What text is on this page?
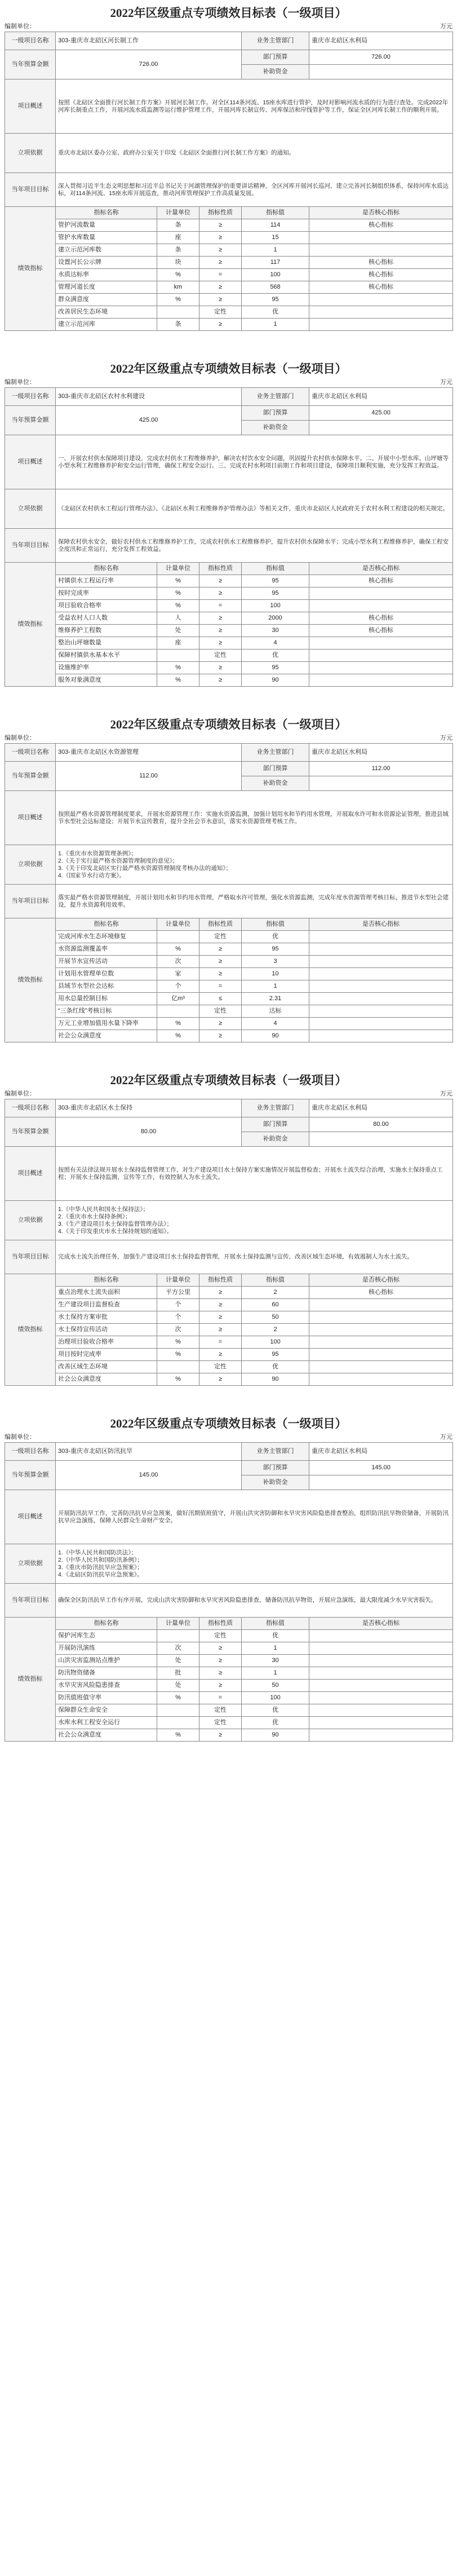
2022年区级重点专项绩效目标表（一级项目）
编制单位：	万元
一级项目名称	303-重庆市北碚区河长制工作			业务主管部门	重庆市北碚区水利局
当年预算金额	726.00			部门预算	726.00
				补助资金	
项目概述	按照《北碚区全面推行河长制工作方案》开展河长制工作。对全区114条河流、15座水库进行管护，及时对影响河流水质的行为进行查处。完成2022年河库长制重点工作，开展河流水质监测等运行维护管理工作，开展河库长制宣传、河库保洁和岸线管护等工作，保证全区河库长制工作的顺利开展。				
立项依据	重庆市北碚区委办公室、政府办公室关于印发《北碚区全面推行河长制工作方案》的通知。				
当年项目目标	深入贯彻习近平生态文明思想和习近平总书记关于河湖管理保护的重要讲话精神，全区河库开展河长巡河，建立完善河长制组织体系，保持河库水质达标，对114条河流、15座水库开展巡查，推动河库管理保护工作高质量发展。				
绩效指标	指标名称	计量单位	指标性质	指标值	是否核心指标
	管护河流数量	条	≥	114	核心指标
	管护水库数量	座	≥	15	
	建立示范河库数	条	≥	1	
	设置河长公示牌	块	≥	117	核心指标
	水质达标率	%	=	100	核心指标
	管理河道长度	km	≥	568	核心指标
	群众满意度	%	≥	95	
	改善居民生态环境		定性	优	
	建立示范河库	条	≥	1	
2022年区级重点专项绩效目标表（一级项目）
编制单位：	万元
一级项目名称	303-重庆市北碚区农村水利建设			业务主管部门	重庆市北碚区水利局
当年预算金额	425.00			部门预算	425.00
				补助资金	
项目概述	一、开展农村供水保障项目建设，完成农村供水工程维修养护，解决农村饮水安全问题，巩固提升农村供水保障水平。二、开展中小型水库、山坪塘等小型水利工程维修养护和安全运行管理，确保工程安全运行。三、完成农村水利项目前期工作和项目建设，保障项目顺利实施，充分发挥工程效益。				
立项依据	《北碚区农村供水工程运行管理办法》、《北碚区水利工程维修养护管理办法》等相关文件，重庆市北碚区人民政府关于农村水利工程建设的相关规定。				
当年项目目标	保障农村供水安全，做好农村供水工程维修养护工作，完成农村供水工程维修养护，提升农村供水保障水平；完成小型水利工程维修养护，确保工程安全度汛和正常运行，充分发挥工程效益。				
绩效指标	指标名称	计量单位	指标性质	指标值	是否核心指标
	村镇供水工程运行率	%	≥	95	核心指标
	按时完成率	%	≥	95	
	项目验收合格率	%	=	100	
	受益农村人口人数	人	≥	2000	核心指标
	维修养护工程数	处	≥	30	核心指标
	整治山坪塘数量	座	≥	4	
	保障村镇供水基本水平		定性	优	
	设施维护率	%	≥	95	
	服务对象满意度	%	≥	90	
2022年区级重点专项绩效目标表（一级项目）
编制单位：	万元
一级项目名称	303-重庆市北碚区水资源管理			业务主管部门	重庆市北碚区水利局
当年预算金额	112.00			部门预算	112.00
				补助资金	
项目概述	按照最严格水资源管理制度要求，开展水资源管理工作：实施水资源监测，加强计划用水和节约用水管理，开展取水许可和水资源论证管理，推进县域节水型社会达标建设；开展节水宣传教育，提升全社会节水意识，落实水资源管理考核工作。				
立项依据	1.《重庆市水资源管理条例》；
2.《关于实行最严格水资源管理制度的意见》；
3.《关于印发北碚区实行最严格水资源管理制度考核办法的通知》；
4.《国家节水行动方案》。				
当年项目目标	落实最严格水资源管理制度，开展计划用水和节约用水管理，严格取水许可管理，强化水资源监测，完成年度水资源管理考核目标，推进节水型社会建设，提升水资源利用效率。				
绩效指标	指标名称	计量单位	指标性质	指标值	是否核心指标
	完成河库水生态环境修复		定性	优	
	水资源监测覆盖率	%	≥	95	
	开展节水宣传活动	次	≥	3	
	计划用水管理单位数	家	≥	10	
	县域节水型社会达标	个	=	1	
	用水总量控制目标	亿m³	≤	2.31	
	“三条红线”考核目标		定性	达标	
	万元工业增加值用水量下降率	%	≥	4	
	社会公众满意度	%	≥	90	
2022年区级重点专项绩效目标表（一级项目）
编制单位：	万元
一级项目名称	303-重庆市北碚区水土保持			业务主管部门	重庆市北碚区水利局
当年预算金额	80.00			部门预算	80.00
				补助资金	
项目概述	按照有关法律法规开展水土保持监督管理工作，对生产建设项目水土保持方案实施情况开展监督检查；开展水土流失综合治理，实施水土保持重点工程；开展水土保持监测、宣传等工作，有效控制人为水土流失。				
立项依据	1.《中华人民共和国水土保持法》；
2.《重庆市水土保持条例》；
3.《生产建设项目水土保持监督管理办法》；
4.《关于印发重庆市水土保持规划的通知》。				
当年项目目标	完成水土流失治理任务，加强生产建设项目水土保持监督管理，开展水土保持监测与宣传，改善区域生态环境，有效遏制人为水土流失。				
绩效指标	指标名称	计量单位	指标性质	指标值	是否核心指标
	重点治理水土流失面积	平方公里	≥	2	核心指标
	生产建设项目监督检查	个	≥	60	
	水土保持方案审批	个	≥	50	
	水土保持宣传活动	次	≥	2	
	治理项目验收合格率	%	=	100	
	项目按时完成率	%	≥	95	
	改善区域生态环境		定性	优	
	社会公众满意度	%	≥	90	
2022年区级重点专项绩效目标表（一级项目）
编制单位：	万元
一级项目名称	303-重庆市北碚区防汛抗旱			业务主管部门	重庆市北碚区水利局
当年预算金额	145.00			部门预算	145.00
				补助资金	
项目概述	开展防汛抗旱工作，完善防汛抗旱应急预案，做好汛期值班值守，开展山洪灾害防御和水旱灾害风险隐患排查整治，组织防汛抗旱物资储备，开展防汛抗旱应急演练，保障人民群众生命财产安全。				
立项依据	1.《中华人民共和国防洪法》；
2.《中华人民共和国防汛条例》；
3.《重庆市防汛抗旱应急预案》；
4.《北碚区防汛抗旱应急预案》。				
当年项目目标	确保全区防汛抗旱工作有序开展，完成山洪灾害防御和水旱灾害风险隐患排查，储备防汛抗旱物资，开展应急演练，最大限度减少水旱灾害损失。				
绩效指标	指标名称	计量单位	指标性质	指标值	是否核心指标
	保护河库生态		定性	优	
	开展防汛演练	次	≥	1	
	山洪灾害监测站点维护	处	≥	30	
	防汛物资储备	批	≥	1	
	水旱灾害风险隐患排查	处	≥	50	
	防汛值班值守率	%	=	100	
	保障群众生命安全		定性	优	
	水库水利工程安全运行		定性	优	
	社会公众满意度	%	≥	90	
